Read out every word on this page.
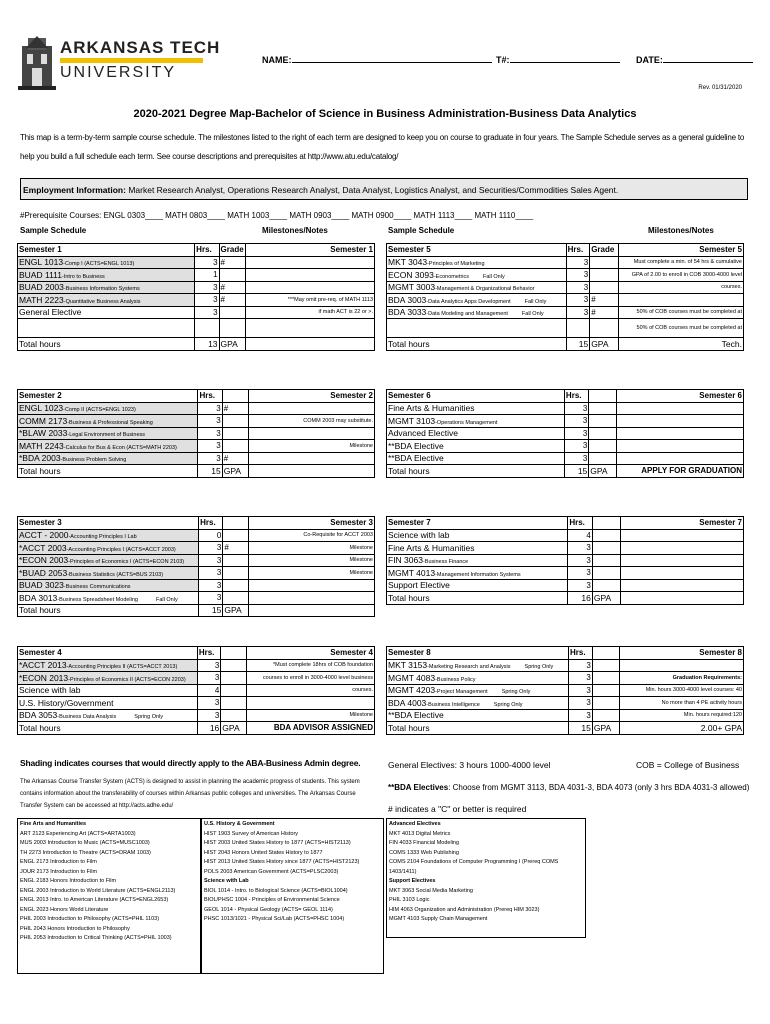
ARKANSAS TECH
UNIVERSITY
NAME:	T#:	DATE:
Rev. 01/31/2020
2020-2021 Degree Map-Bachelor of Science in Business Administration-Business Data Analytics
This map is a term-by-term sample course schedule. The milestones listed to the right of each term are designed to keep you on course to graduate in four years. The Sample Schedule serves as a general guideline to help you build a full schedule each term. See course descriptions and prerequisites at http://www.atu.edu/catalog/
Employment Information: Market Research Analyst, Operations Research Analyst, Data Analyst, Logistics Analyst, and Securities/Commodities Sales Agent.
#Prerequisite Courses: ENGL 0303____ MATH 0803____ MATH 1003____ MATH 0903____ MATH 0900____ MATH 1113____ MATH 1110____
Sample Schedule	Milestones/Notes	Sample Schedule	Milestones/Notes
Semester 1	Hrs.	Grade	Semester 1
ENGL 1013-Comp I (ACTS=ENGL 1013)	3	#	
BUAD 1111-Intro to Business	1		
BUAD 2003-Business Information Systems	3	#	
MATH 2223-Quantitative Business Analysis	3	#	***May omit pre-req. of MATH 1113
General Elective	3		if math ACT is 22 or >.

Total hours	13	GPA	
Semester 2	Hrs.		Semester 2
ENGL 1023-Comp II (ACTS=ENGL 1023)	3	#	
COMM 2173-Business & Professional Speaking	3		COMM 2003 may substitute.
*BLAW 2033-Legal Environment of Business	3		
MATH 2243-Calculus for Bus & Econ (ACTS=MATH 2203)	3		Milestone
*BDA 2003-Business Problem Solving	3	#	
Total hours	15	GPA	
Semester 3	Hrs.		Semester 3
ACCT - 2000-Accounting Principles I Lab	0		Co-Requisite for ACCT 2003
*ACCT 2003-Accounting Principles I (ACTS=ACCT 2003)	3	#	Milestone
*ECON 2003-Principles of Economics I (ACTS=ECON 2103)	3		Milestone
*BUAD 2053-Business Statistics (ACTS=BUS 2103)	3		Milestone
BUAD 3023-Business Communications	3		
BDA 3013-Business Spreadsheet Modeling Fall Only	3		
Total hours	15	GPA	
Semester 4	Hrs.		Semester 4
*ACCT 2013-Accounting Principles II (ACTS=ACCT 2013)	3		*Must complete 18hrs of COB foundation
*ECON 2013-Principles of Economics II (ACTS=ECON 2203)	3		courses to enroll in 3000-4000 level business
Science with lab	4		courses.
U.S. History/Government	3		
BDA 3053-Business Data Analysis Spring Only	3		Milestone
Total hours	16	GPA	BDA ADVISOR ASSIGNED
Semester 5	Hrs.	Grade	Semester 5
MKT 3043-Principles of Marketing	3		Must complete a min. of 54 hrs & cumulative
ECON 3093-Econometrics Fall Only	3		GPA of 2.00 to enroll in COB 3000-4000 level
MGMT 3003-Management & Organizational Behavior	3		courses.
BDA 3003-Data Analytics Apps Development Fall Only	3	#	
BDA 3033-Data Modeling and Management Fall Only	3	#	50% of COB courses must be completed at
			50% of COB courses must be completed at
Total hours	15	GPA	Tech.
Semester 6	Hrs.		Semester 6
Fine Arts & Humanities	3		
MGMT 3103-Operations Management	3		
Advanced Elective	3		
**BDA Elective	3		
**BDA Elective	3		
Total hours	15	GPA	APPLY FOR GRADUATION
Semester 7	Hrs.		Semester 7
Science with lab	4		
Fine Arts & Humanities	3		
FIN 3063-Business Finance	3		
MGMT 4013-Management Information Systems	3		
Support Elective	3		
Total hours	16	GPA	
Semester 8	Hrs.		Semester 8
MKT 3153-Marketing Research and Analysis Spring Only	3		
MGMT 4083-Business Policy	3		Graduation Requirements:
MGMT 4203-Project Management Spring Only	3		Min. hours 3000-4000 level courses: 40
BDA 4003-Business Intelligence Spring Only	3		No more than 4 PE activity hours
**BDA Elective	3		Min. hours required:120
Total hours	15	GPA	2.00+ GPA
Shading indicates courses that would directly apply to the ABA-Business Admin degree.
The Arkansas Course Transfer System (ACTS) is designed to assist in planning the academic progress of students. This system contains information about the transferability of courses within Arkansas public colleges and universities. The Arkansas Course Transfer System can be accessed at http://acts.adhe.edu/
General Electives: 3 hours 1000-4000 level	COB = College of Business
**BDA Electives: Choose from MGMT 3113, BDA 4031-3, BDA 4073 (only 3 hrs BDA 4031-3 allowed)
# indicates a "C" or better is required
Fine Arts and Humanities
ART 2123 Experiencing Art (ACTS=ARTA1003)
MUS 2003 Introduction to Music (ACTS=MUSC1003)
TH 2273 Introduction to Theatre (ACTS=DRAM 1003)
ENGL 2173 Introduction to Film
JOUR 2173 Introduction to Film
ENGL 2183 Honors Introduction to Film
ENGL 2003 Introduction to World Literature (ACTS=ENGL2113)
ENGL 2013 Intro. to American Literature (ACTS=ENGL2653)
ENGL 2023 Honors World Literature
PHIL 2003 Introduction to Philosophy (ACTS=PHIL 1103)
PHIL 2043 Honors Introduction to Philosophy
PHIL 2053 Introduction to Critical Thinking (ACTS=PHIL 1003)
U.S. History & Government
HIST 1903 Survey of American History
HIST 2003 United States History to 1877 (ACTS=HIST2113)
HIST 2043 Honors United States History to 1877
HIST 2013 United States History since 1877 (ACTS=HIST2123)
POLS 2003 American Government (ACTS=PLSC2003)
Science with Lab
BIOL 1014 - Intro. to Biological Science (ACTS=BIOL1004)
BIOL/PHSC 1004 - Principles of Environmental Science
GEOL 1014 - Physical Geology (ACTS= GEOL 1114)
PHSC 1013/1021 - Physical Sci/Lab (ACTS=PHSC 1004)
Advanced Electives
MKT 4013 Digital Metrics
FIN 4033 Financial Modeling
COMS 1333 Web Publishing
COMS 2104 Foundations of Computer Programming I (Prereq COMS 1403/1411)
Support Electives
MKT 3063 Social Media Marketing
PHIL 3103 Logic
HIM 4063 Organization and Administration (Prereq HIM 3023)
MGMT 4103 Supply Chain Management
